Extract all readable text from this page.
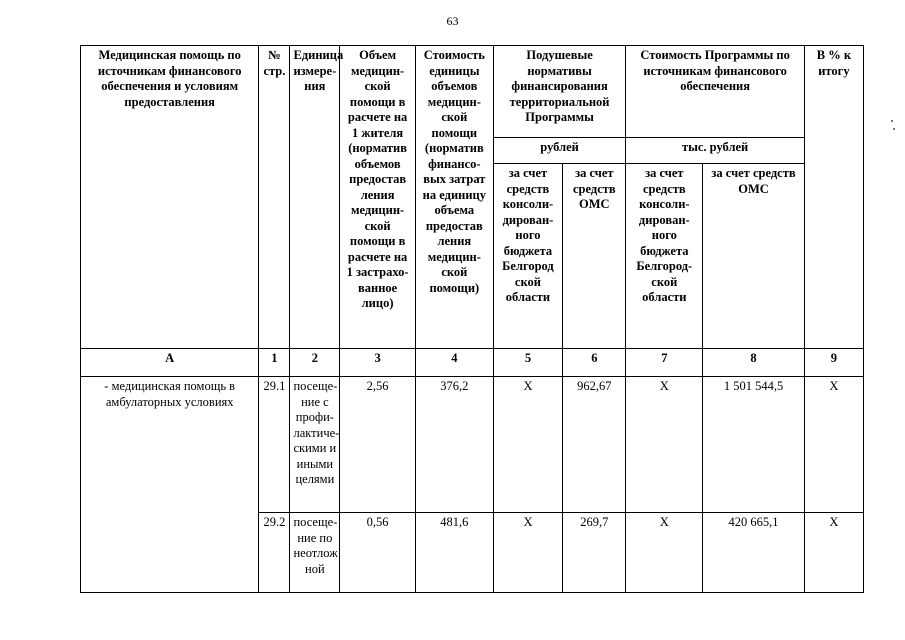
63
Медицинская помощь по источникам финансового обеспечения и условиям предоставления	№ стр.	Единица измере-ния	Объем медицин-ской помощи в расчете на 1 жителя (норматив объемов предостав ления медицин-ской помощи в расчете на 1 застрахо-ванное лицо)	Стоимость единицы объемов медицин-ской помощи (норматив финансо-вых затрат на единицу объема предостав ления медицин-ской помощи)	Подушевые нормативы финансирования территориальной Программы		Стоимость Программы по источникам финансового обеспечения		В % к итогу
					рублей		тыс. рублей		
					за счет средств консоли-дирован-ного бюджета Белгород ской области	за счет средств ОМС	за счет средств консоли-дирован-ного бюджета Белгород-ской области	за счет средств ОМС	
А	1	2	3	4	5	6	7	8	9
- медицинская помощь в амбулаторных условиях	29.1	посеще-ние с профи-лактиче-скими и иными целями	2,56	376,2	X	962,67	X	1 501 544,5	X
	29.2	посеще-ние по неотлож ной	0,56	481,6	X	269,7	X	420 665,1	X
